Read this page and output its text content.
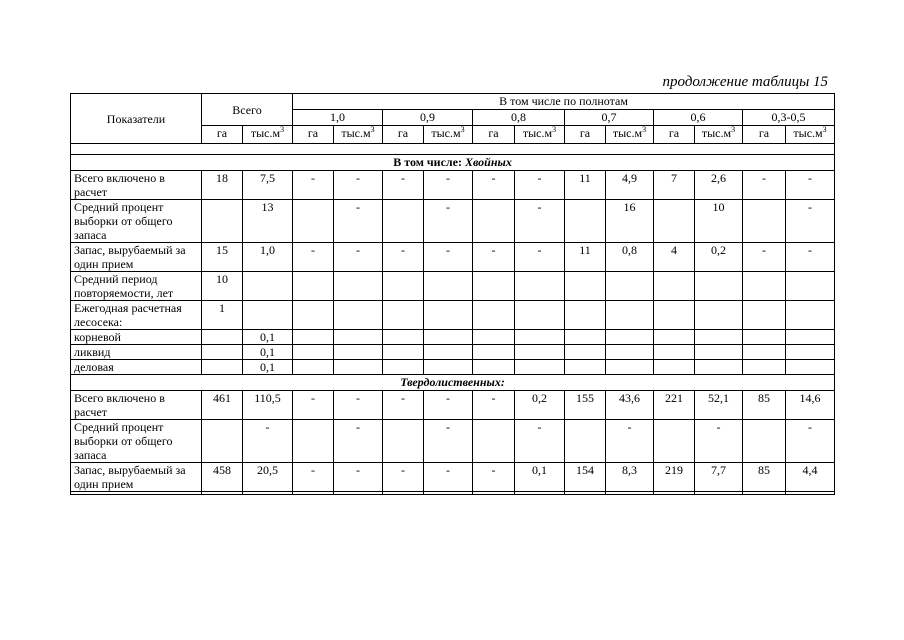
продолжение таблицы 15
Показатели	Всего		В том числе по полнотам											
			1,0		0,9		0,8		0,7		0,6		0,3-0,5	
	га	$тыс.м^3$	га	$тыс.м^3$	га	$тыс.м^3$	га	$тыс.м^3$	га	$тыс.м^3$	га	$тыс.м^3$	га	$тыс.м^3$

В том числе: Хвойных														
Всего включено в расчет	18	7,5	-	-	-	-	-	-	11	4,9	7	2,6	-	-
Средний процент выборки от общего запаса		13		-		-		-		16		10		-
Запас, вырубаемый за один прием	15	1,0	-	-	-	-	-	-	11	0,8	4	0,2	-	-
Средний период повторяемости, лет	10													
Ежегодная расчетная лесосека:	1													
корневой		0,1												
ликвид		0,1												
деловая		0,1												
Твердолиственных:														
Всего включено в расчет	461	110,5	-	-	-	-	-	0,2	155	43,6	221	52,1	85	14,6
Средний процент выборки от общего запаса		-		-		-		-		-		-		-
Запас, вырубаемый за один прием	458	20,5	-	-	-	-	-	0,1	154	8,3	219	7,7	85	4,4
